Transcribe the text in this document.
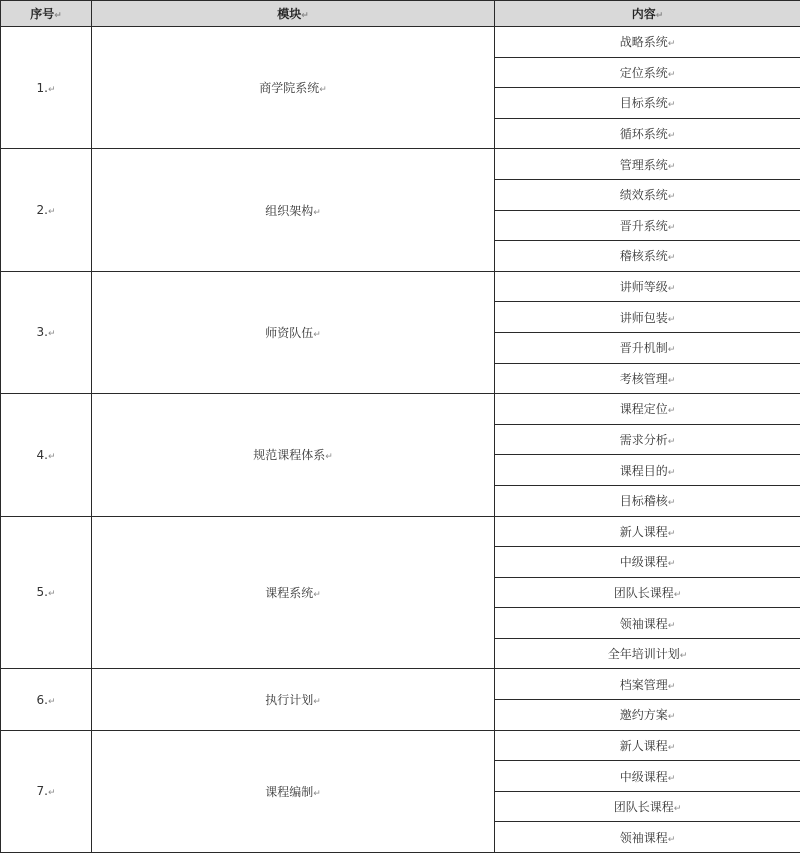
序号↵	模块↵	内容↵
1.↵	商学院系统↵	战略系统↵
		定位系统↵
		目标系统↵
		循环系统↵
2.↵	组织架构↵	管理系统↵
		绩效系统↵
		晋升系统↵
		稽核系统↵
3.↵	师资队伍↵	讲师等级↵
		讲师包装↵
		晋升机制↵
		考核管理↵
4.↵	规范课程体系↵	课程定位↵
		需求分析↵
		课程目的↵
		目标稽核↵
5.↵	课程系统↵	新人课程↵
		中级课程↵
		团队长课程↵
		领袖课程↵
		全年培训计划↵
6.↵	执行计划↵	档案管理↵
		邀约方案↵
7.↵	课程编制↵	新人课程↵
		中级课程↵
		团队长课程↵
		领袖课程↵
